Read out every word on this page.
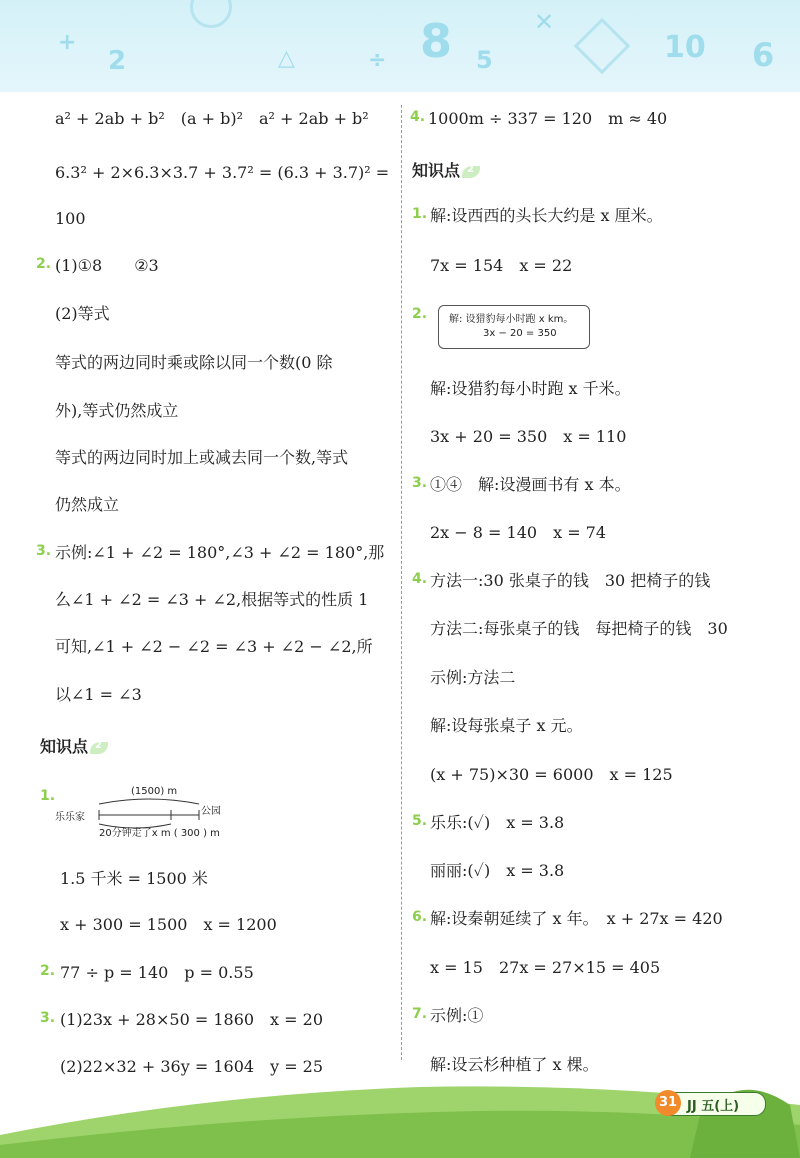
+
2	△	÷ 8 5
✕
10 6
a² + 2ab + b²　(a + b)²　a² + 2ab + b²
6.3² + 2×6.3×3.7 + 3.7² = (6.3 + 3.7)² =
100
2. (1)①8　　②3
(2)等式
等式的两边同时乘或除以同一个数(0 除
外),等式仍然成立
等式的两边同时加上或减去同一个数,等式
仍然成立
3. 示例:∠1 + ∠2 = 180°,∠3 + ∠2 = 180°,那
么∠1 + ∠2 = ∠3 + ∠2,根据等式的性质 1
可知,∠1 + ∠2 − ∠2 = ∠3 + ∠2 − ∠2,所
以∠1 = ∠3
知识点2
1.	(1500) m
乐乐家
公园
20分钟走了x m ( 300 ) m
1.5 千米 = 1500 米
x + 300 = 1500　x = 1200
2. 77 ÷ p = 140　p = 0.55
3. (1)23x + 28×50 = 1860　x = 20
(2)22×32 + 36y = 1604　y = 25
4. 1000m ÷ 337 = 120　m ≈ 40
知识点2
1. 解:设西西的头长大约是 x 厘米。
7x = 154　x = 22
2. 解: 设猎豹每小时跑 x km。
3x − 20 = 350
解:设猎豹每小时跑 x 千米。
3x + 20 = 350　x = 110
3. ①④　解:设漫画书有 x 本。
2x − 8 = 140　x = 74
4. 方法一:30 张桌子的钱　30 把椅子的钱
方法二:每张桌子的钱　每把椅子的钱　30
示例:方法二
解:设每张桌子 x 元。
(x + 75)×30 = 6000　x = 125
5. 乐乐:(✓)　x = 3.8
丽丽:(✓)　x = 3.8
6. 解:设秦朝延续了 x 年。　x + 27x = 420
x = 15　27x = 27×15 = 405
7. 示例:①
解:设云杉种植了 x 棵。
31 JJ 五(上)
